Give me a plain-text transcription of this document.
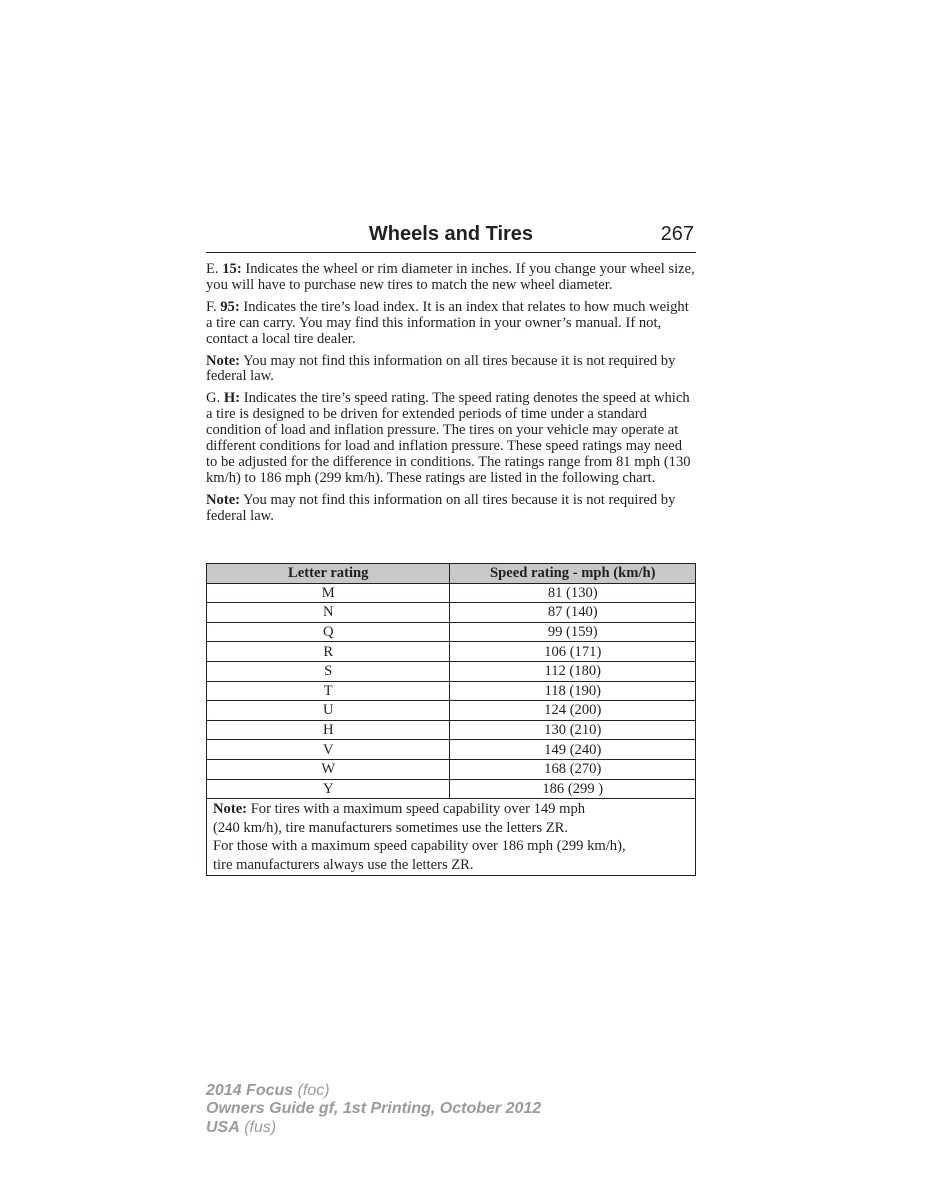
Wheels and Tires	267

E. 15: Indicates the wheel or rim diameter in inches. If you change your wheel size, you will have to purchase new tires to match the new wheel diameter.

F. 95: Indicates the tire’s load index. It is an index that relates to how much weight a tire can carry. You may find this information in your owner’s manual. If not, contact a local tire dealer.

Note: You may not find this information on all tires because it is not required by federal law.

G. H: Indicates the tire’s speed rating. The speed rating denotes the speed at which a tire is designed to be driven for extended periods of time under a standard condition of load and inflation pressure. The tires on your vehicle may operate at different conditions for load and inflation pressure. These speed ratings may need to be adjusted for the difference in conditions. The ratings range from 81 mph (130 km/h) to 186 mph (299 km/h). These ratings are listed in the following chart.

Note: You may not find this information on all tires because it is not required by federal law.

Letter rating	Speed rating - mph (km/h)
M	81 (130)
N	87 (140)
Q	99 (159)
R	106 (171)
S	112 (180)
T	118 (190)
U	124 (200)
H	130 (210)
V	149 (240)
W	168 (270)
Y	186 (299 )
Note: For tires with a maximum speed capability over 149 mph
(240 km/h), tire manufacturers sometimes use the letters ZR.
For those with a maximum speed capability over 186 mph (299 km/h),
tire manufacturers always use the letters ZR.	
2014 Focus (foc)
Owners Guide gf, 1st Printing, October 2012
USA (fus)
